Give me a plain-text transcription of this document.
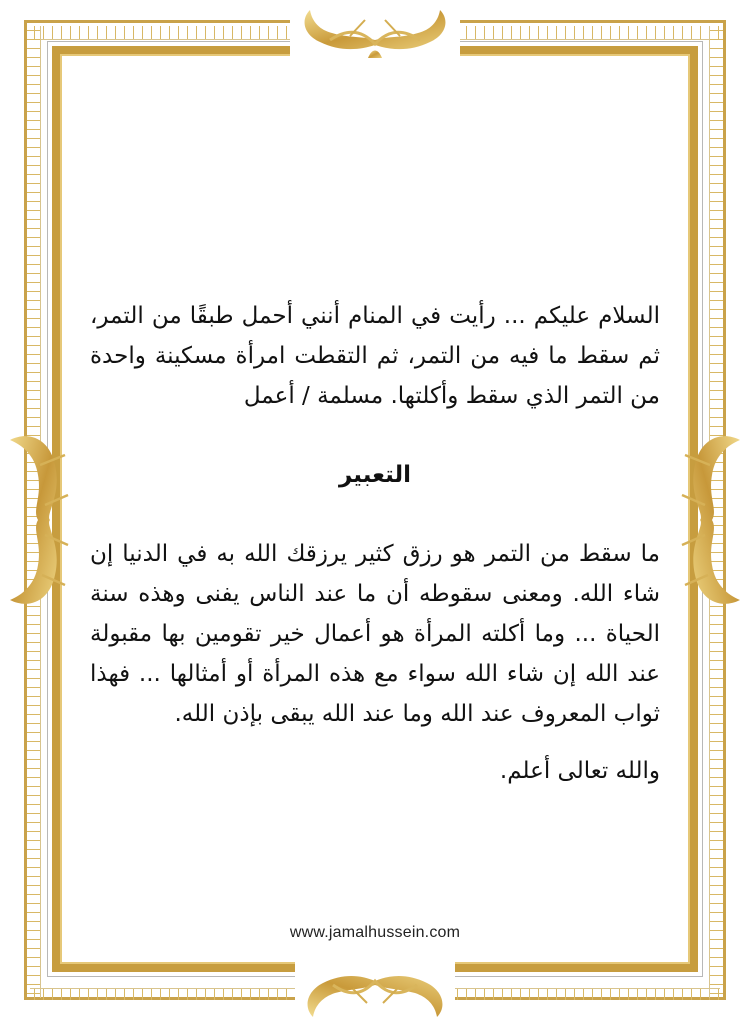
السلام عليكم ... رأيت في المنام أنني أحمل طبقًا من التمر، ثم سقط ما فيه من التمر، ثم التقطت امرأة مسكينة واحدة من التمر الذي سقط وأكلتها. مسلمة / أعمل
التعبير
ما سقط من التمر هو رزق كثير يرزقك الله به في الدنيا إن شاء الله. ومعنى سقوطه أن ما عند الناس يفنى وهذه سنة الحياة ... وما أكلته المرأة هو أعمال خير تقومين بها مقبولة عند الله إن شاء الله سواء مع هذه المرأة أو أمثالها ... فهذا ثواب المعروف عند الله وما عند الله يبقى بإذن الله.
والله تعالى أعلم.
www.jamalhussein.com
